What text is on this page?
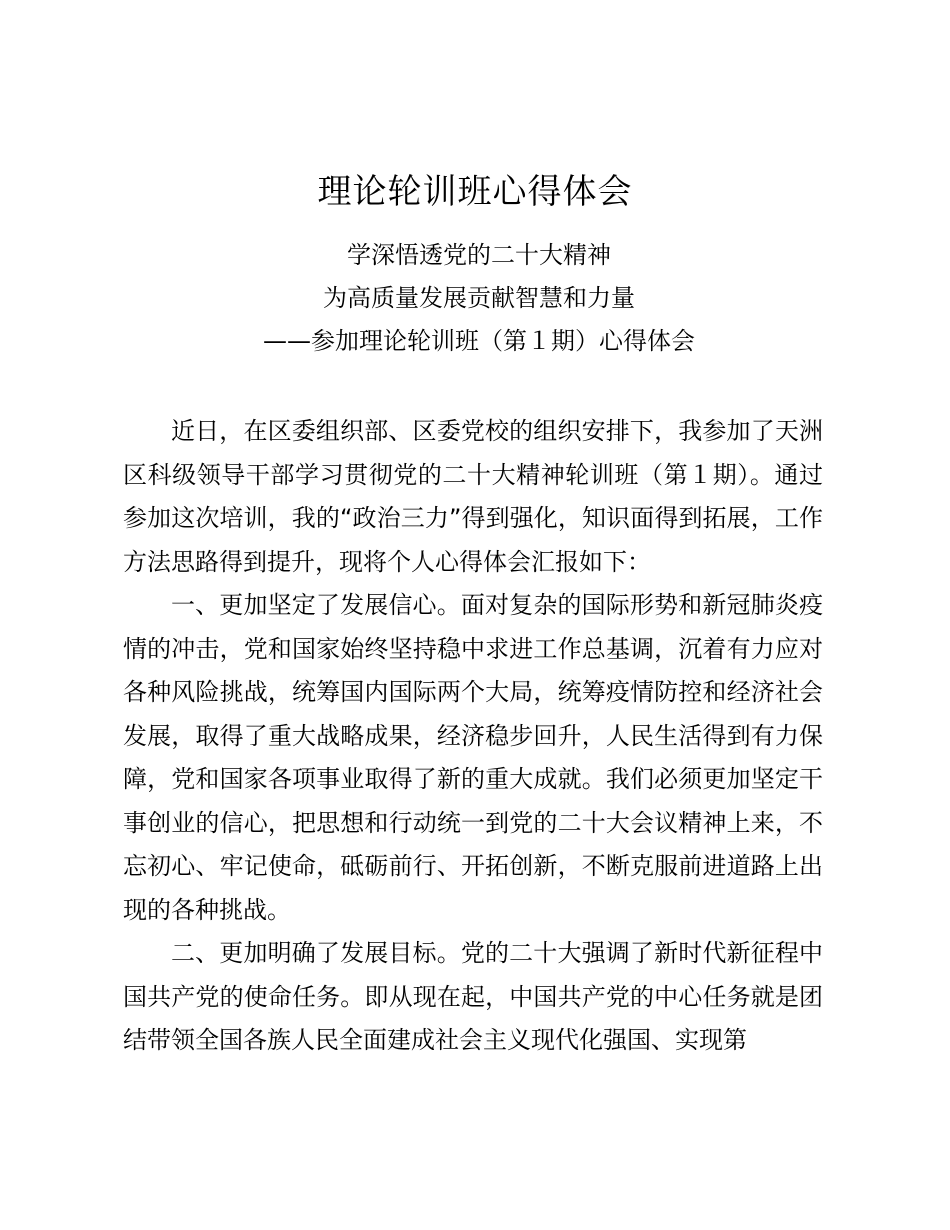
理论轮训班心得体会

学深悟透党的二十大精神

为高质量发展贡献智慧和力量

——参加理论轮训班（第１期）心得体会

近日，在区委组织部、区委党校的组织安排下，我参加了天洲区科级领导干部学习贯彻党的二十大精神轮训班（第１期）。通过参加这次培训，我的“政治三力”得到强化，知识面得到拓展，工作方法思路得到提升，现将个人心得体会汇报如下：

一、更加坚定了发展信心。面对复杂的国际形势和新冠肺炎疫情的冲击，党和国家始终坚持稳中求进工作总基调，沉着有力应对各种风险挑战，统筹国内国际两个大局，统筹疫情防控和经济社会发展，取得了重大战略成果，经济稳步回升，人民生活得到有力保障，党和国家各项事业取得了新的重大成就。我们必须更加坚定干事创业的信心，把思想和行动统一到党的二十大会议精神上来，不忘初心、牢记使命，砥砺前行、开拓创新，不断克服前进道路上出现的各种挑战。

二、更加明确了发展目标。党的二十大强调了新时代新征程中国共产党的使命任务。即从现在起，中国共产党的中心任务就是团结带领全国各族人民全面建成社会主义现代化强国、实现第
